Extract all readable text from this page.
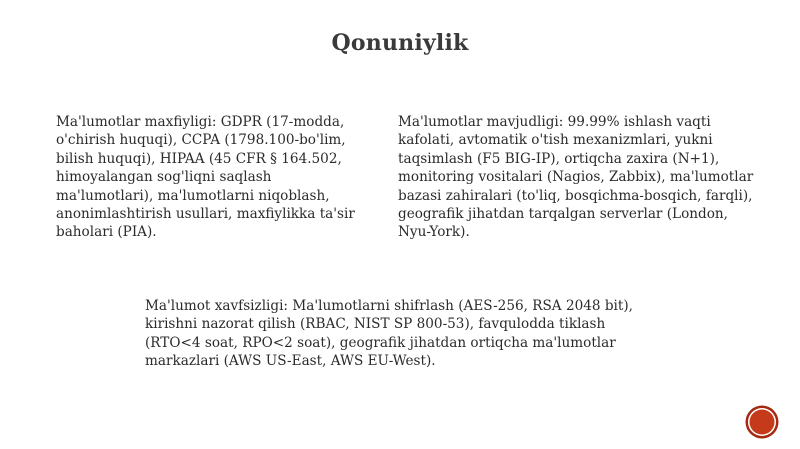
Qonuniylik
Ma'lumotlar maxfiyligi: GDPR (17-modda, o'chirish huquqi), CCPA (1798.100-bo'lim, bilish huquqi), HIPAA (45 CFR § 164.502, himoyalangan sog'liqni saqlash ma'lumotlari), ma'lumotlarni niqoblash, anonimlashtirish usullari, maxfiylikka ta'sir baholari (PIA).
Ma'lumotlar mavjudligi: 99.99% ishlash vaqti kafolati, avtomatik o'tish mexanizmlari, yukni taqsimlash (F5 BIG-IP), ortiqcha zaxira (N+1), monitoring vositalari (Nagios, Zabbix), ma'lumotlar bazasi zahiralari (to'liq, bosqichma-bosqich, farqli), geografik jihatdan tarqalgan serverlar (London, Nyu-York).
Ma'lumot xavfsizligi: Ma'lumotlarni shifrlash (AES-256, RSA 2048 bit), kirishni nazorat qilish (RBAC, NIST SP 800-53), favqulodda tiklash (RTO<4 soat, RPO<2 soat), geografik jihatdan ortiqcha ma'lumotlar markazlari (AWS US-East, AWS EU-West).
